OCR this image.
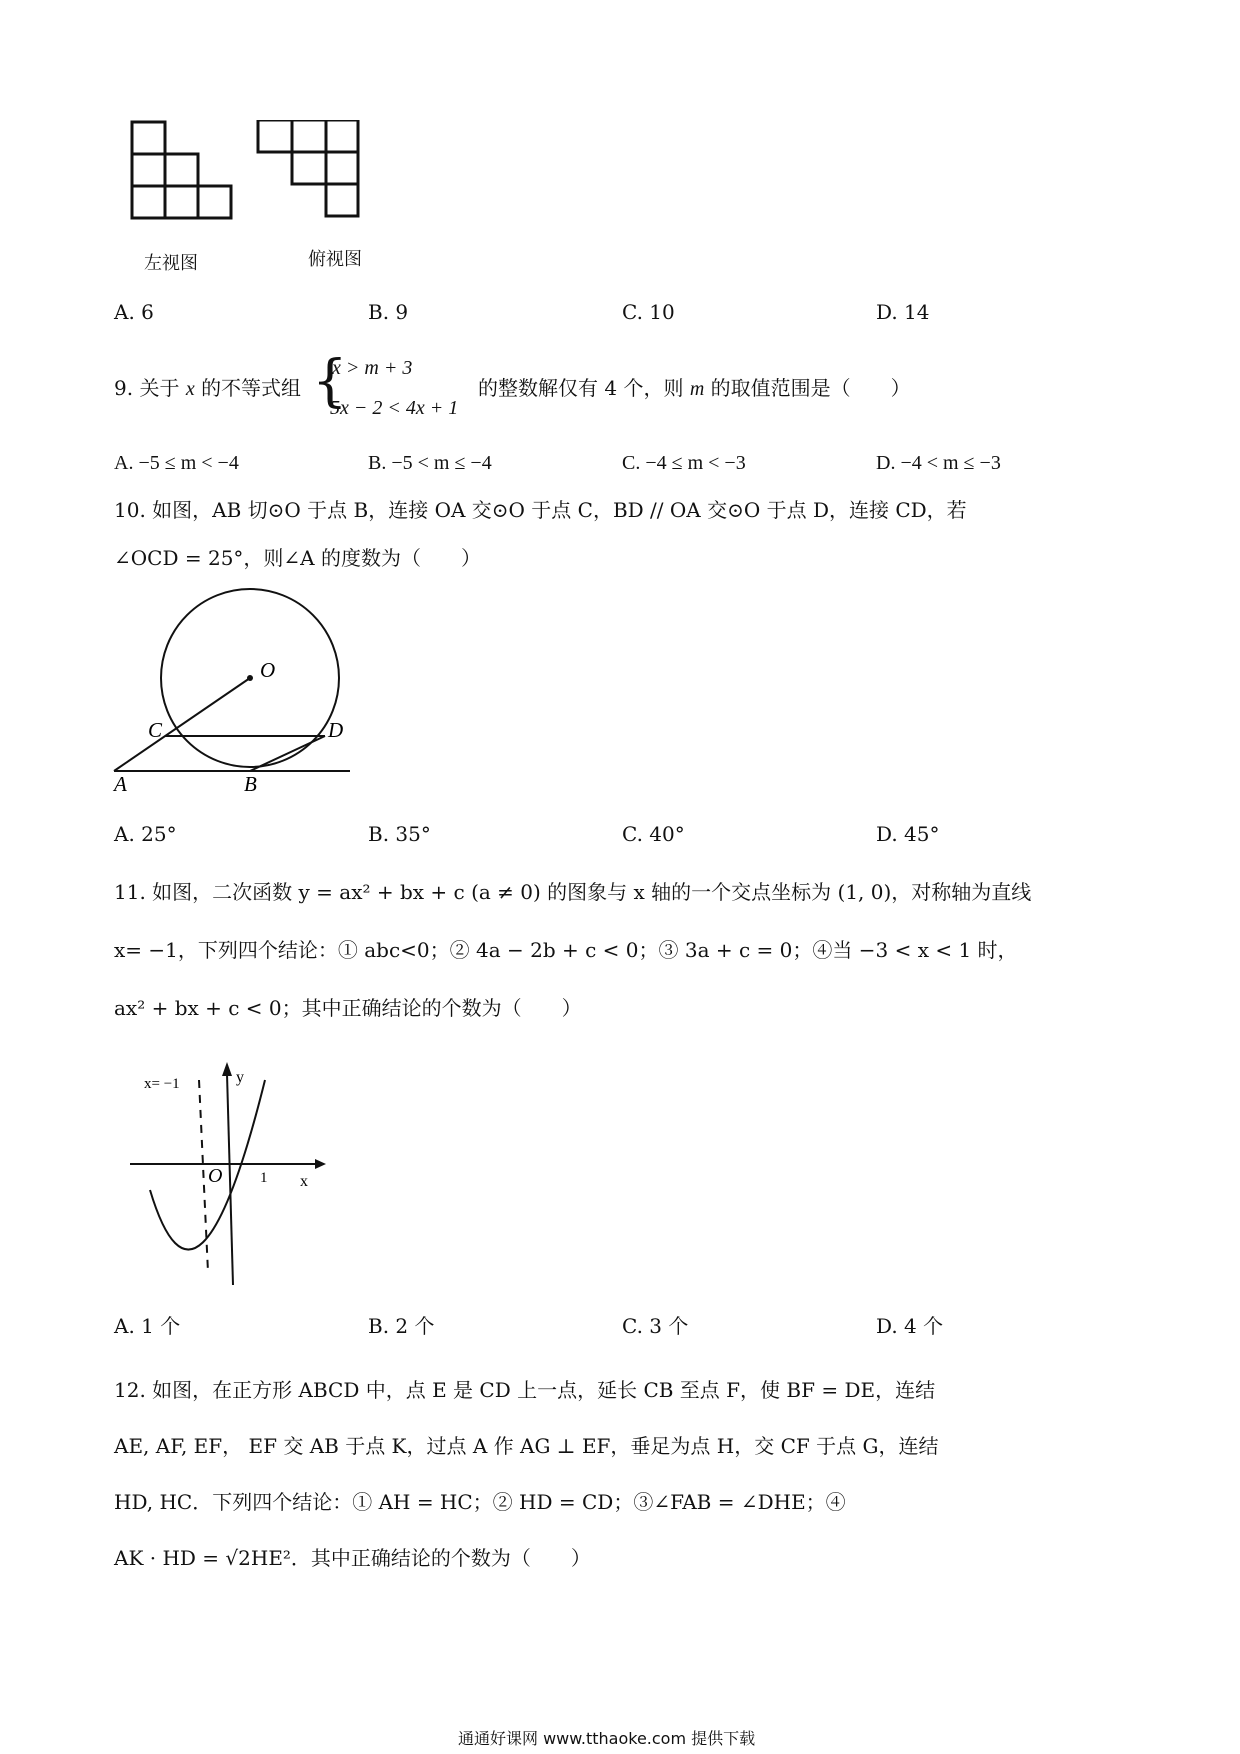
左视图	俯视图
A. 6	B. 9	C. 10	D. 14
9. 关于 x 的不等式组 {
x > m + 3
5x − 2 < 4x + 1
的整数解仅有 4 个，则 m 的取值范围是（　　）
A. −5 ≤ m < −4	B. −5 < m ≤ −4	C. −4 ≤ m < −3	D. −4 < m ≤ −3
10. 如图，AB 切⊙O 于点 B，连接 OA 交⊙O 于点 C，BD // OA 交⊙O 于点 D，连接 CD，若
∠OCD = 25°，则∠A 的度数为（　　）
O
C	D
A	B
A. 25°	B. 35°	C. 40°	D. 45°
11. 如图，二次函数 y = ax² + bx + c (a ≠ 0) 的图象与 x 轴的一个交点坐标为 (1, 0)，对称轴为直线
x= −1，下列四个结论：① abc<0；② 4a − 2b + c < 0；③ 3a + c = 0；④当 −3 < x < 1 时，
ax² + bx + c < 0；其中正确结论的个数为（　　）
x= −1	y
x
O	1
A. 1 个	B. 2 个	C. 3 个	D. 4 个
12. 如图，在正方形 ABCD 中，点 E 是 CD 上一点，延长 CB 至点 F，使 BF = DE，连结
AE, AF, EF， EF 交 AB 于点 K，过点 A 作 AG ⊥ EF，垂足为点 H，交 CF 于点 G，连结
HD, HC．下列四个结论：① AH = HC；② HD = CD；③∠FAB = ∠DHE；④
AK · HD = √2HE²．其中正确结论的个数为（　　）
通通好课网 www.tthaoke.com 提供下载
